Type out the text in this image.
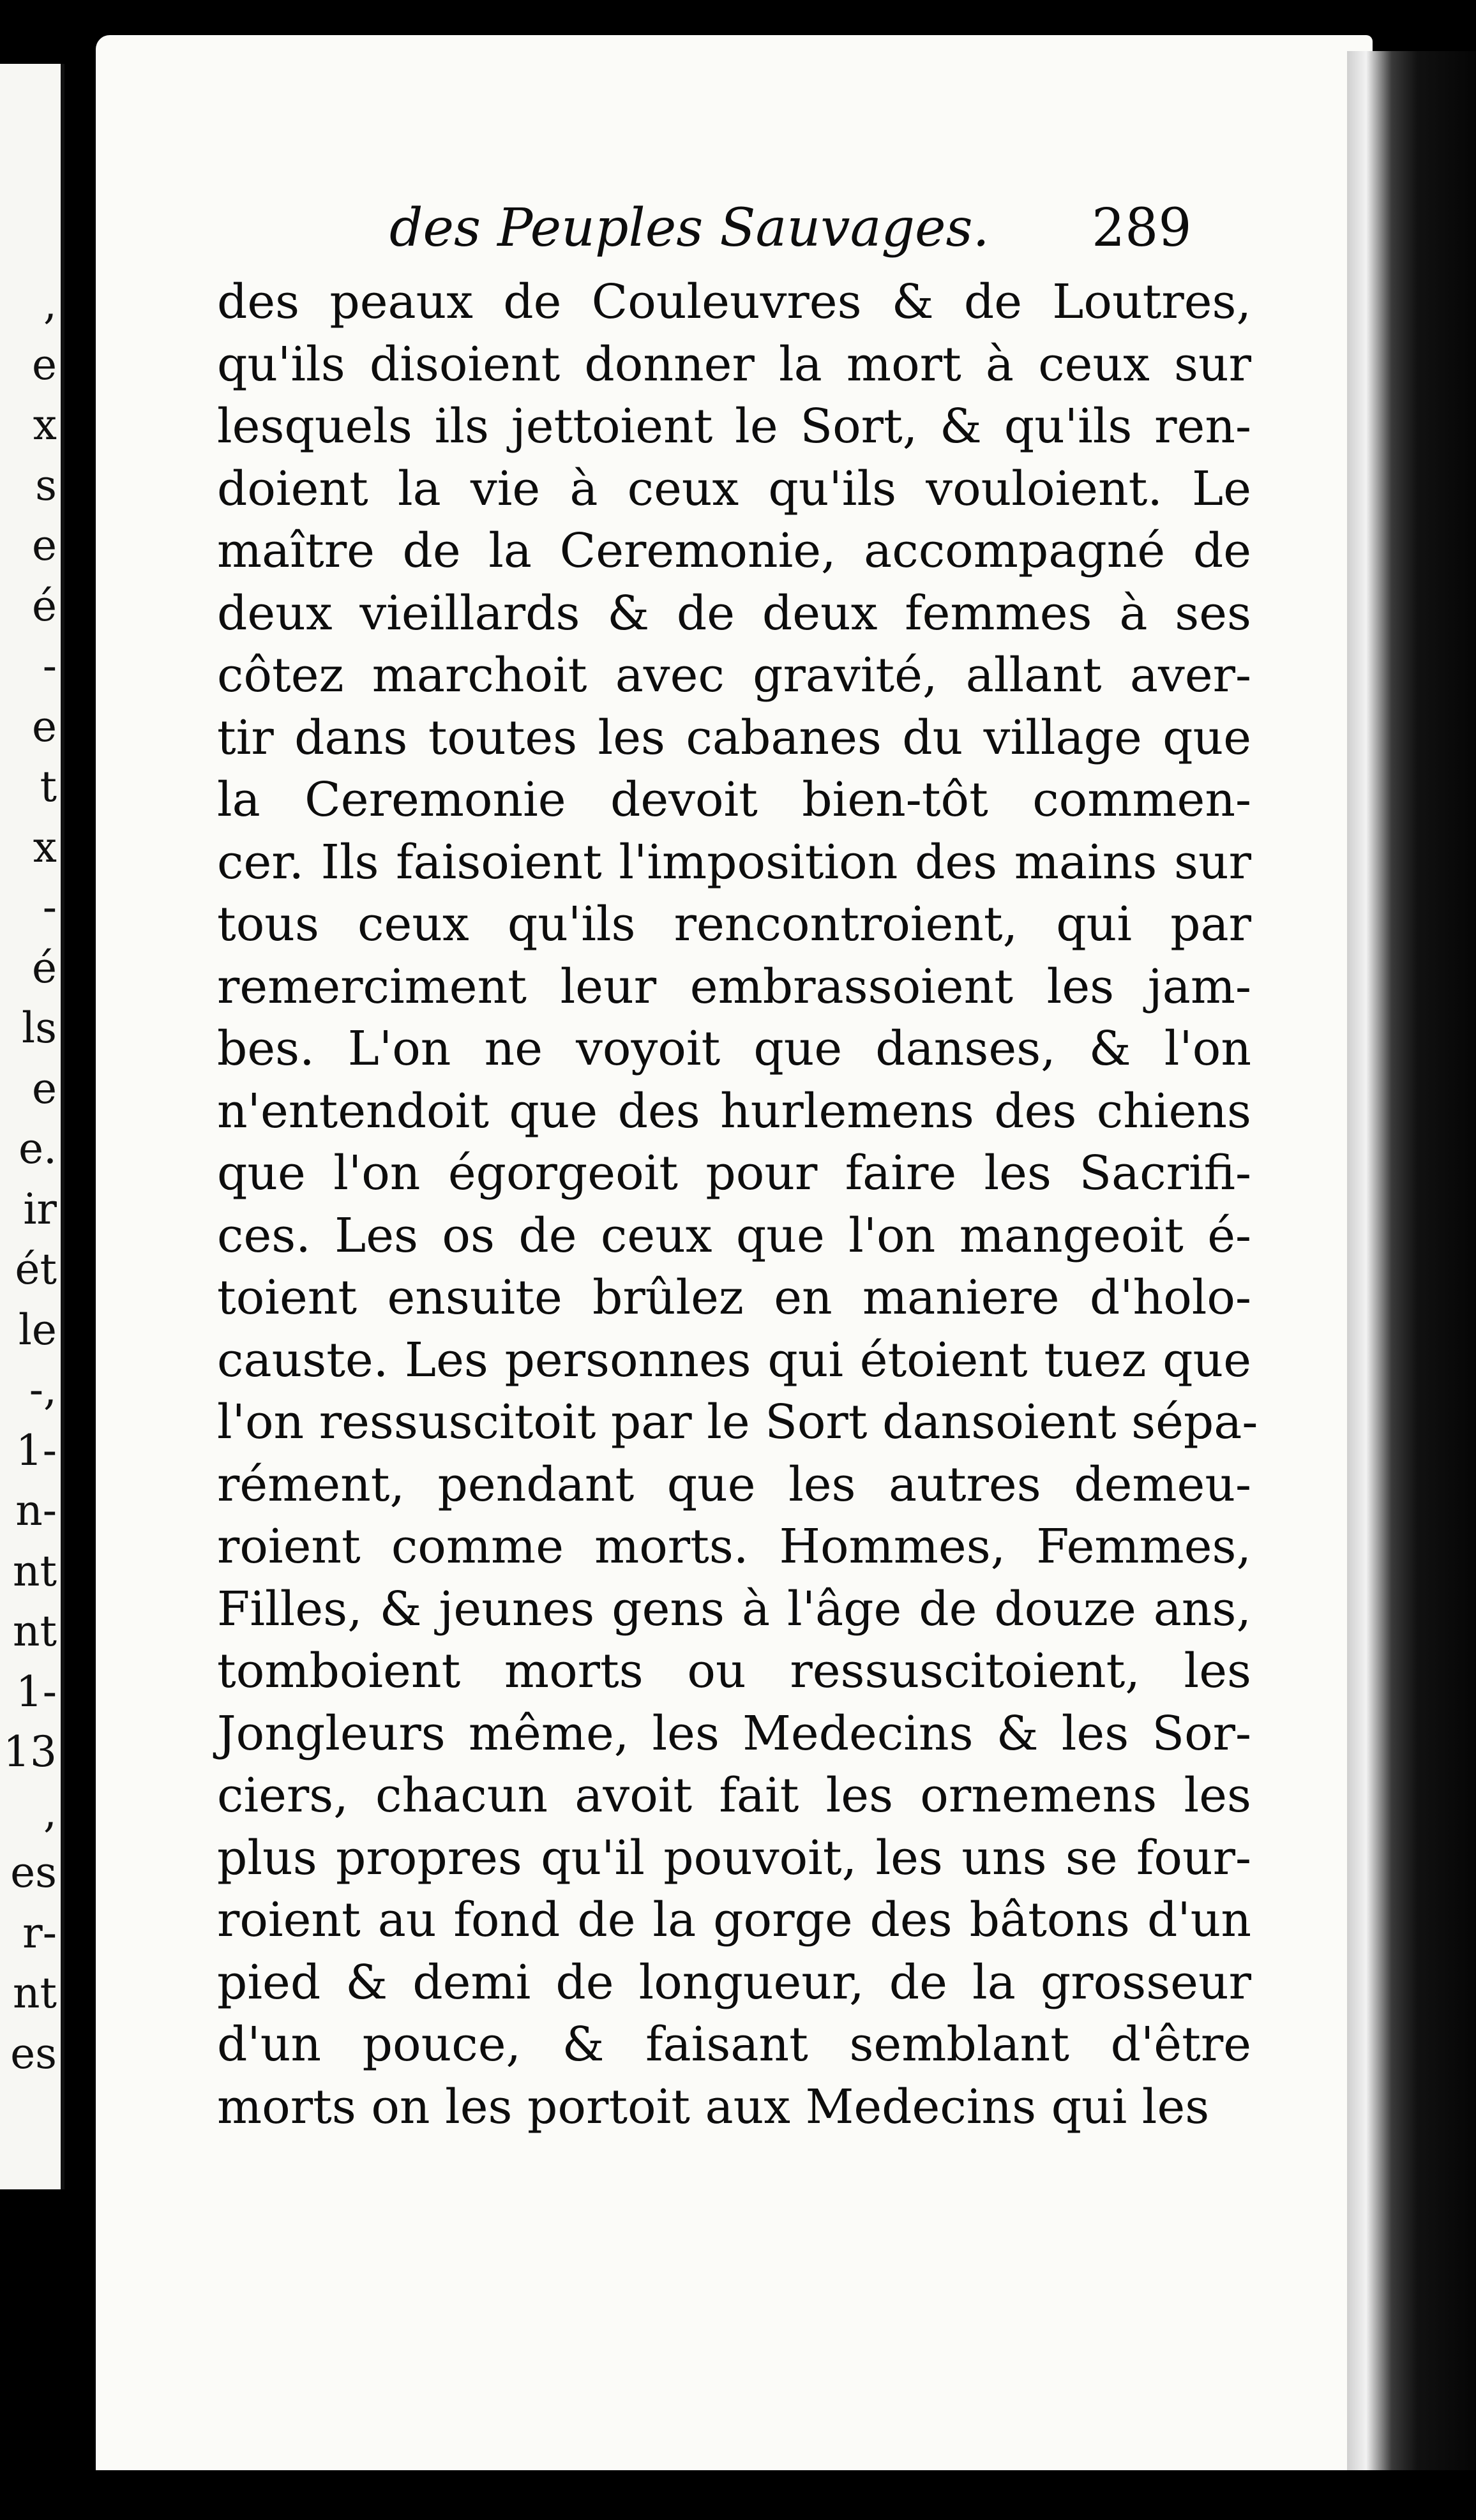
,
e
x
s
e
é
-
e
t
x
-
é
ls
e
e.
ir
ét
le
-,
1-
n-
nt
nt
1-
13
,
es
r-
nt
es
des Peuples Sauvages. 289
des peaux de Couleuvres & de Loutres,
qu'ils disoient donner la mort à ceux sur
lesquels ils jettoient le Sort, & qu'ils ren-
doient la vie à ceux qu'ils vouloient. Le
maître de la Ceremonie, accompagné de
deux vieillards & de deux femmes à ses
côtez marchoit avec gravité, allant aver-
tir dans toutes les cabanes du village que
la Ceremonie devoit bien-tôt commen-
cer. Ils faisoient l'imposition des mains sur
tous ceux qu'ils rencontroient, qui par
remerciment leur embrassoient les jam-
bes. L'on ne voyoit que danses, & l'on
n'entendoit que des hurlemens des chiens
que l'on égorgeoit pour faire les Sacrifi-
ces. Les os de ceux que l'on mangeoit é-
toient ensuite brûlez en maniere d'holo-
causte. Les personnes qui étoient tuez que
l'on ressuscitoit par le Sort dansoient sépa-
rément, pendant que les autres demeu-
roient comme morts. Hommes, Femmes,
Filles, & jeunes gens à l'âge de douze ans,
tomboient morts ou ressuscitoient, les
Jongleurs même, les Medecins & les Sor-
ciers, chacun avoit fait les ornemens les
plus propres qu'il pouvoit, les uns se four-
roient au fond de la gorge des bâtons d'un
pied & demi de longueur, de la grosseur
d'un pouce, & faisant semblant d'être
morts on les portoit aux Medecins qui les
